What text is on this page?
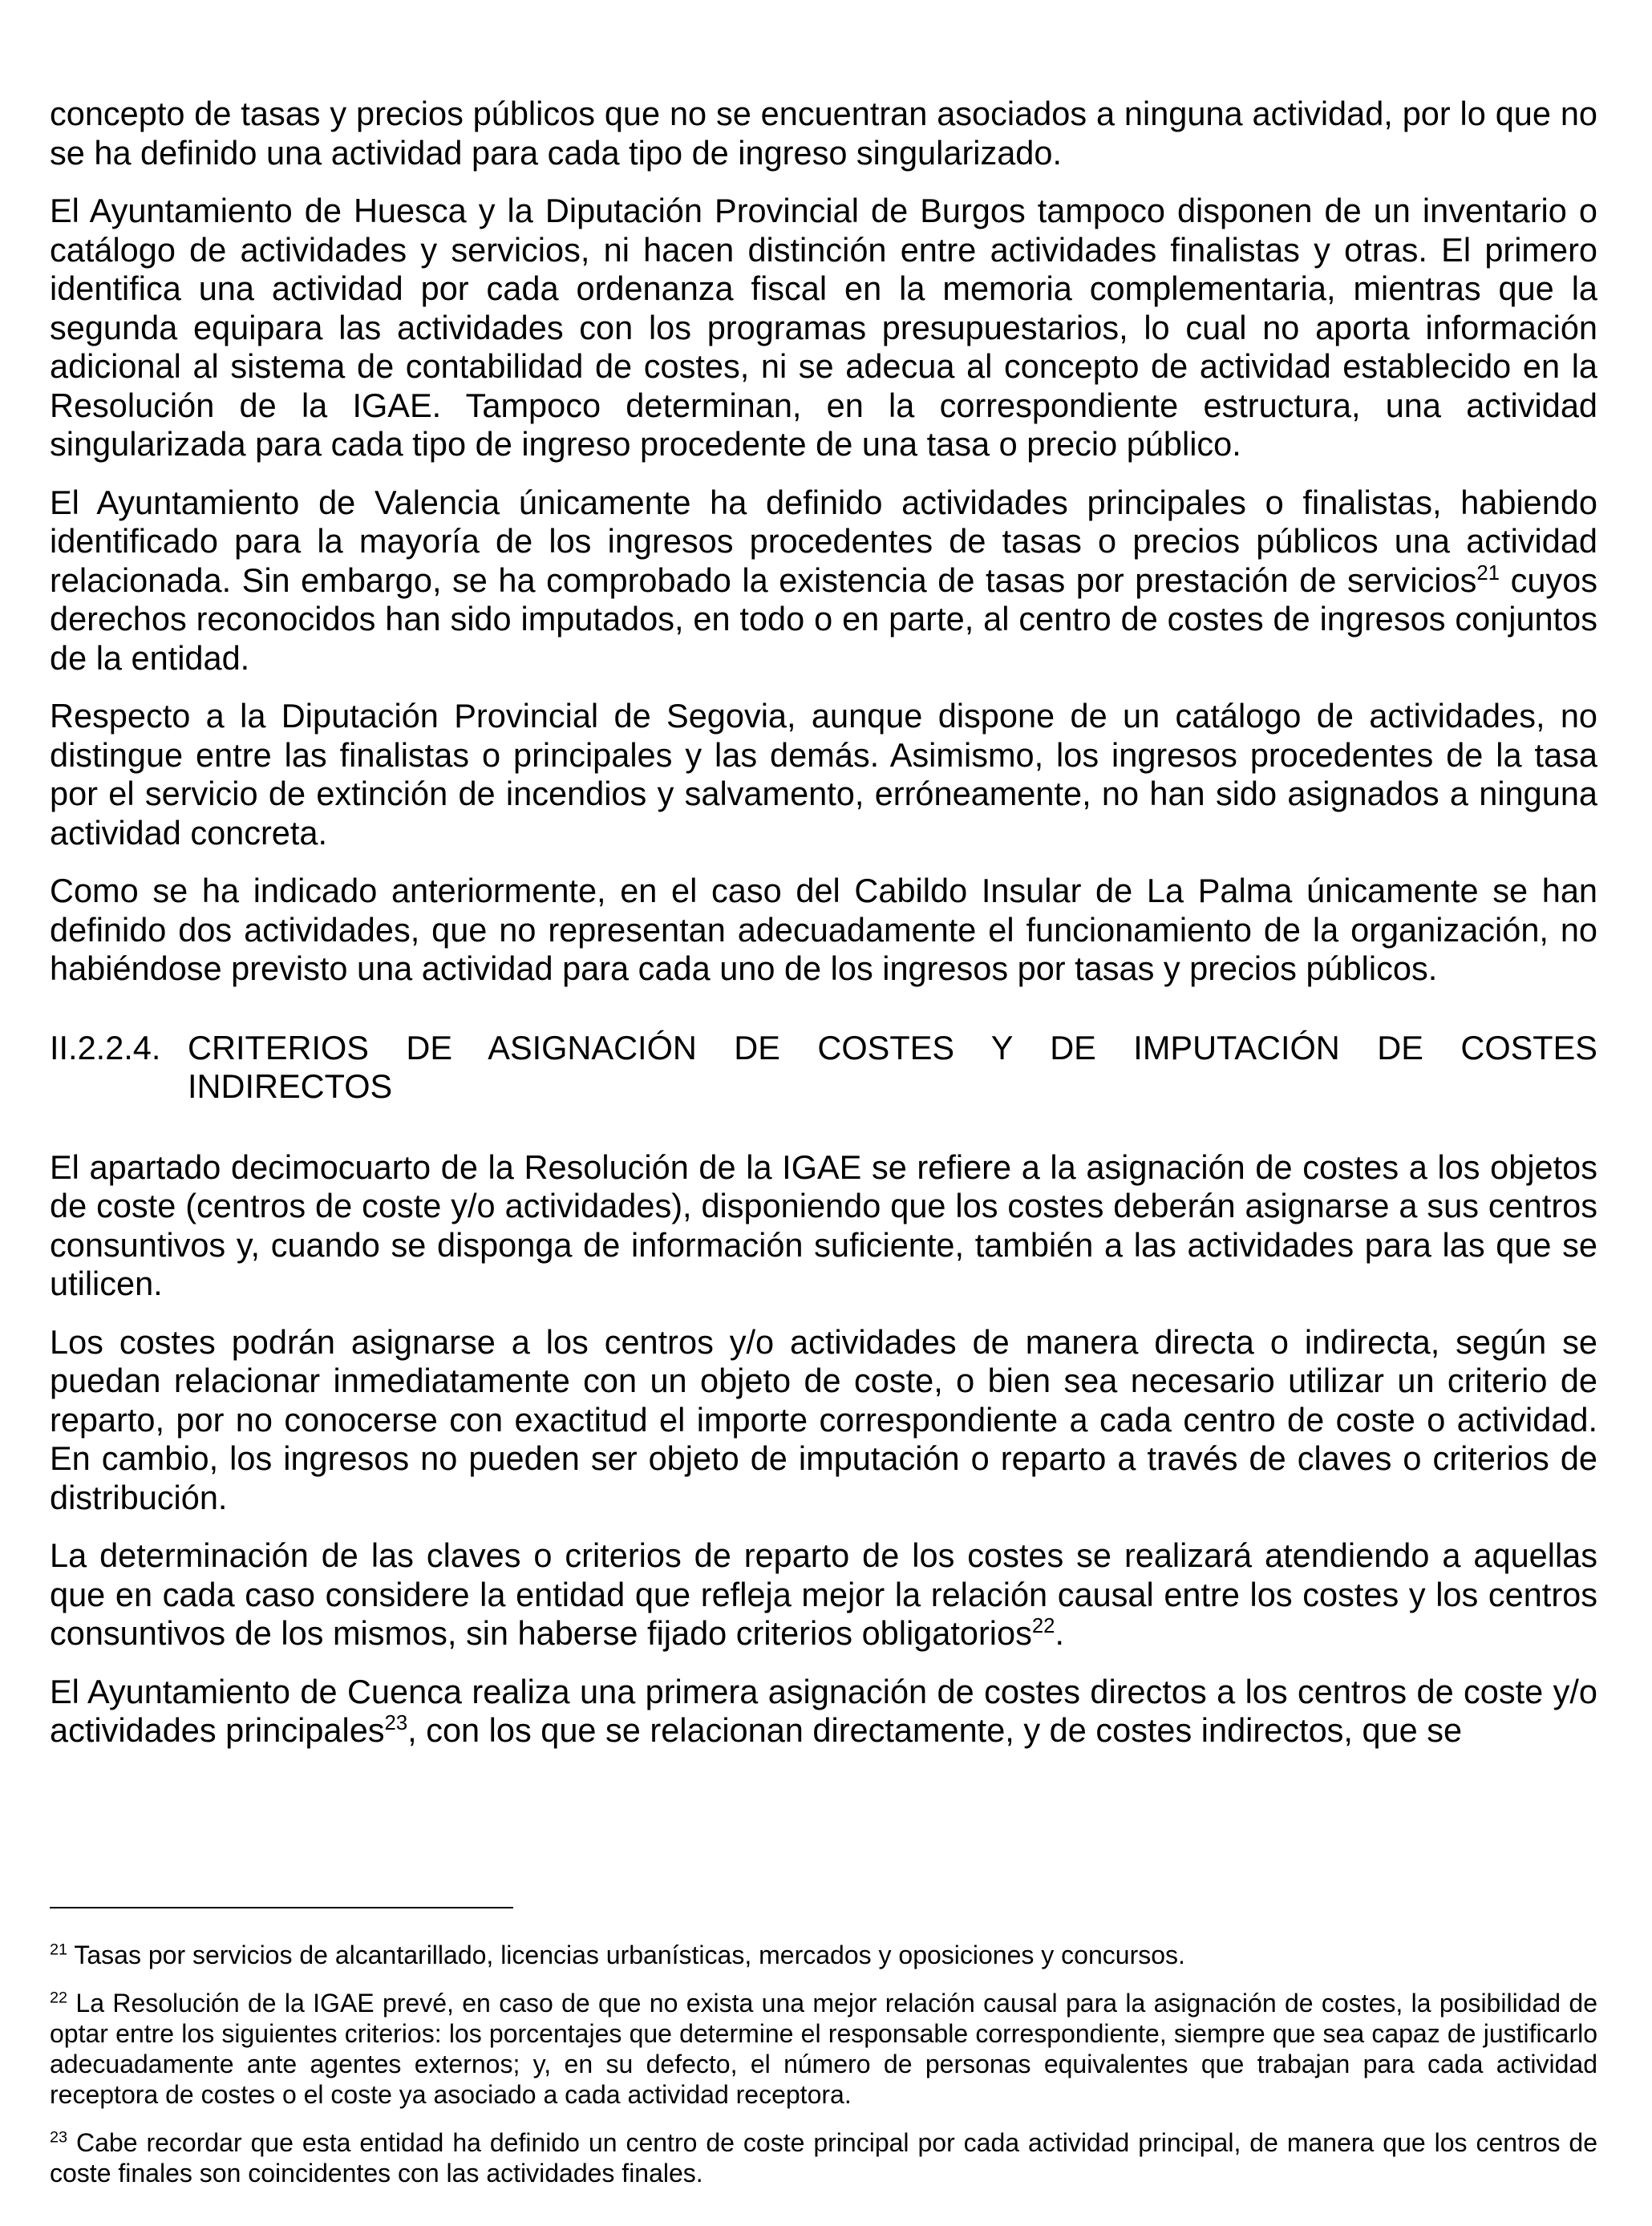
concepto de tasas y precios públicos que no se encuentran asociados a ninguna actividad, por lo que no se ha definido una actividad para cada tipo de ingreso singularizado.

El Ayuntamiento de Huesca y la Diputación Provincial de Burgos tampoco disponen de un inventario o catálogo de actividades y servicios, ni hacen distinción entre actividades finalistas y otras. El primero identifica una actividad por cada ordenanza fiscal en la memoria complementaria, mientras que la segunda equipara las actividades con los programas presupuestarios, lo cual no aporta información adicional al sistema de contabilidad de costes, ni se adecua al concepto de actividad establecido en la Resolución de la IGAE. Tampoco determinan, en la correspondiente estructura, una actividad singularizada para cada tipo de ingreso procedente de una tasa o precio público.

El Ayuntamiento de Valencia únicamente ha definido actividades principales o finalistas, habiendo identificado para la mayoría de los ingresos procedentes de tasas o precios públicos una actividad relacionada. Sin embargo, se ha comprobado la existencia de tasas por prestación de servicios$^{21}$ cuyos derechos reconocidos han sido imputados, en todo o en parte, al centro de costes de ingresos conjuntos de la entidad.

Respecto a la Diputación Provincial de Segovia, aunque dispone de un catálogo de actividades, no distingue entre las finalistas o principales y las demás. Asimismo, los ingresos procedentes de la tasa por el servicio de extinción de incendios y salvamento, erróneamente, no han sido asignados a ninguna actividad concreta.

Como se ha indicado anteriormente, en el caso del Cabildo Insular de La Palma únicamente se han definido dos actividades, que no representan adecuadamente el funcionamiento de la organización, no habiéndose previsto una actividad para cada uno de los ingresos por tasas y precios públicos.

II.2.2.4. CRITERIOS DE ASIGNACIÓN DE COSTES Y DE IMPUTACIÓN DE COSTES
INDIRECTOS

El apartado decimocuarto de la Resolución de la IGAE se refiere a la asignación de costes a los objetos de coste (centros de coste y/o actividades), disponiendo que los costes deberán asignarse a sus centros consuntivos y, cuando se disponga de información suficiente, también a las actividades para las que se utilicen.

Los costes podrán asignarse a los centros y/o actividades de manera directa o indirecta, según se puedan relacionar inmediatamente con un objeto de coste, o bien sea necesario utilizar un criterio de reparto, por no conocerse con exactitud el importe correspondiente a cada centro de coste o actividad. En cambio, los ingresos no pueden ser objeto de imputación o reparto a través de claves o criterios de distribución.

La determinación de las claves o criterios de reparto de los costes se realizará atendiendo a aquellas que en cada caso considere la entidad que refleja mejor la relación causal entre los costes y los centros consuntivos de los mismos, sin haberse fijado criterios obligatorios$^{22}$.

El Ayuntamiento de Cuenca realiza una primera asignación de costes directos a los centros de coste y/o actividades principales$^{23}$, con los que se relacionan directamente, y de costes indirectos, que se

$^{21}$ Tasas por servicios de alcantarillado, licencias urbanísticas, mercados y oposiciones y concursos.

$^{22}$ La Resolución de la IGAE prevé, en caso de que no exista una mejor relación causal para la asignación de costes, la posibilidad de optar entre los siguientes criterios: los porcentajes que determine el responsable correspondiente, siempre que sea capaz de justificarlo adecuadamente ante agentes externos; y, en su defecto, el número de personas equivalentes que trabajan para cada actividad receptora de costes o el coste ya asociado a cada actividad receptora.

$^{23}$ Cabe recordar que esta entidad ha definido un centro de coste principal por cada actividad principal, de manera que los centros de coste finales son coincidentes con las actividades finales.
